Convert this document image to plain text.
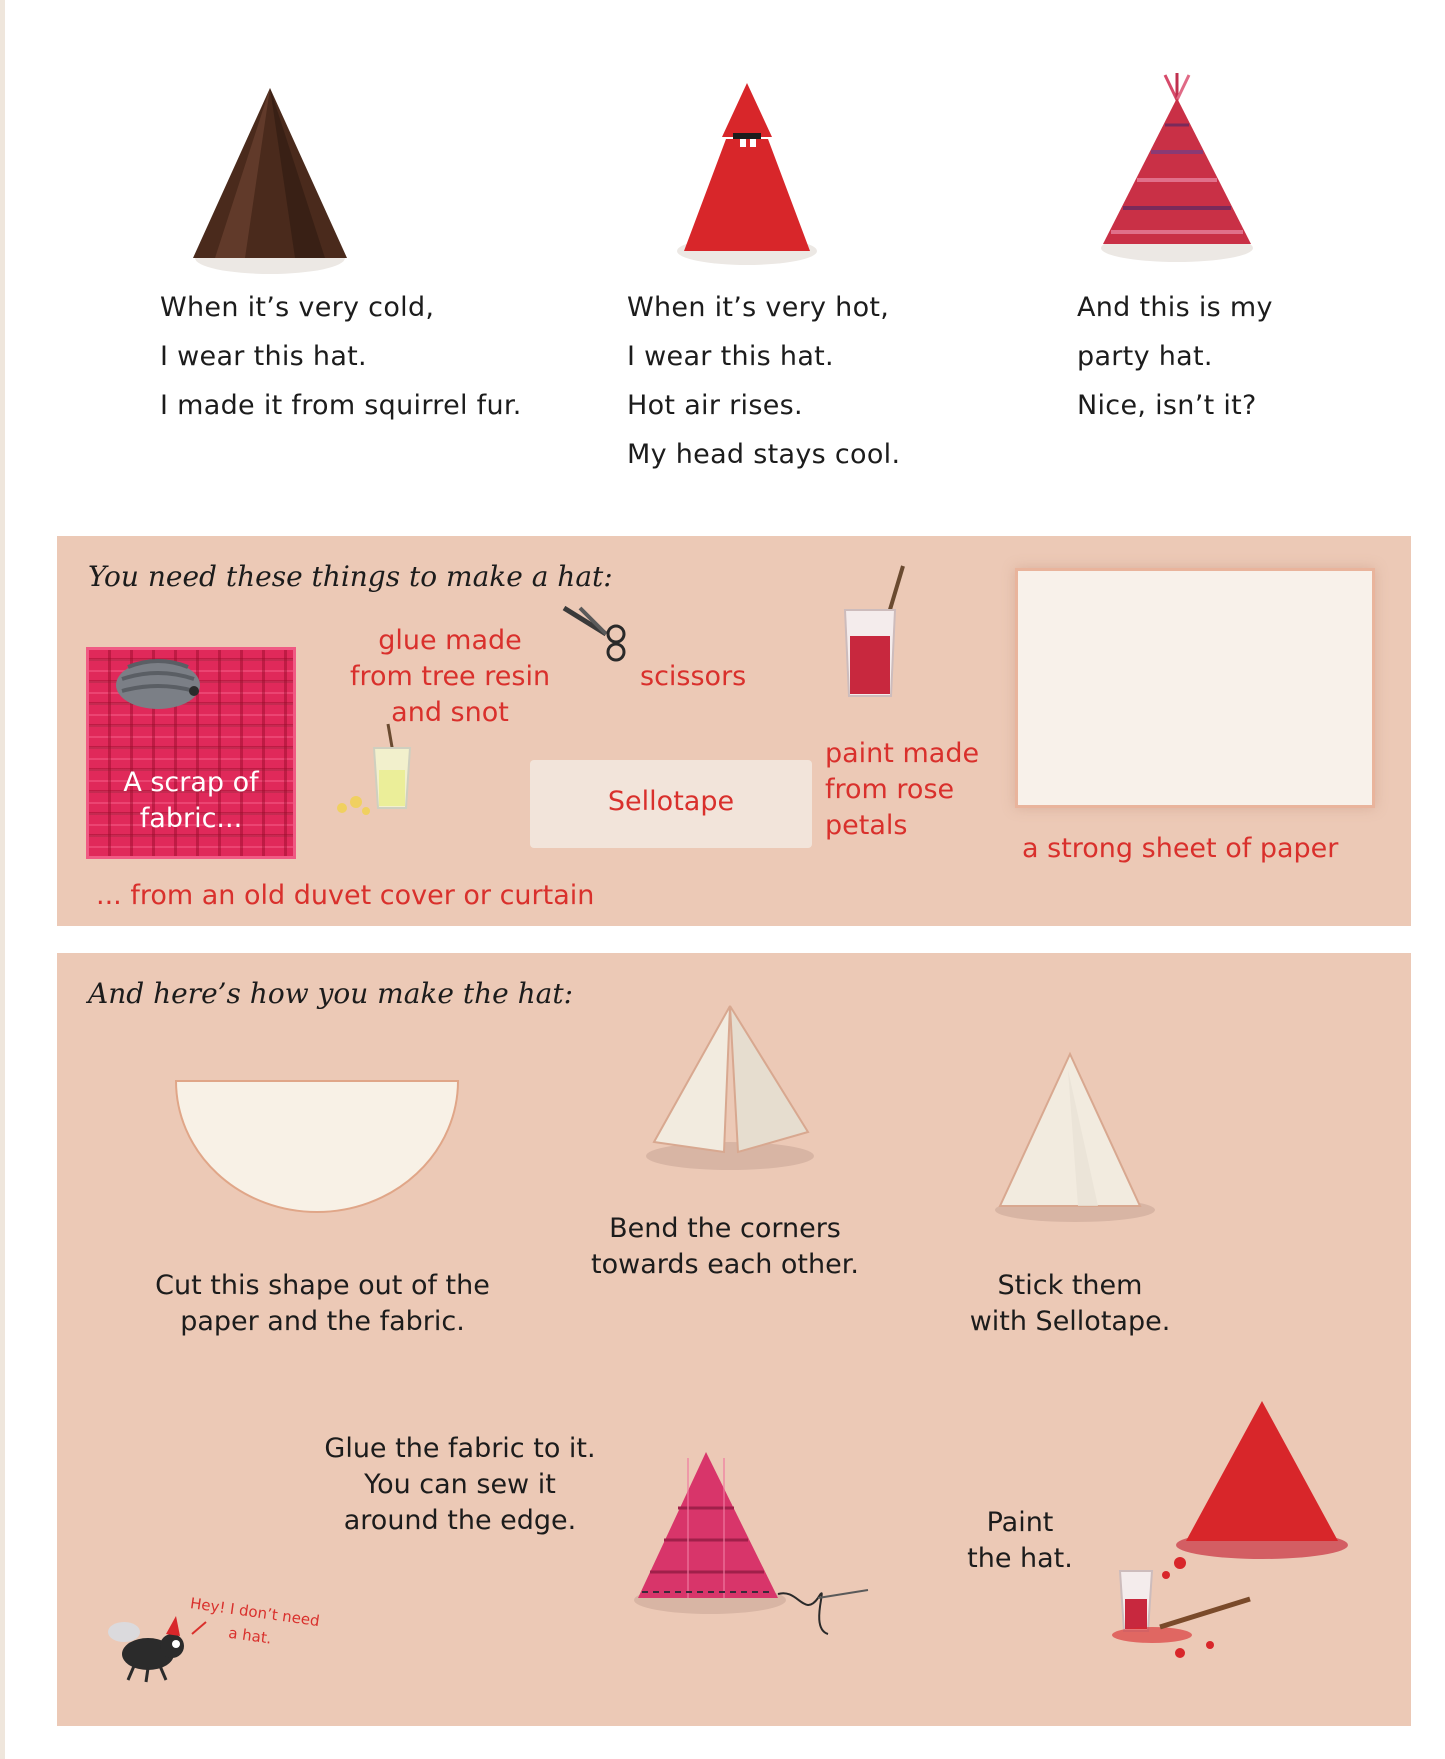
When it’s very cold,
I wear this hat.
I made it from squirrel fur.
When it’s very hot,
I wear this hat.
Hot air rises.
My head stays cool.
And this is my
party hat.
Nice, isn’t it?
You need these things to make a hat:
A scrap of
fabric...
... from an old duvet cover or curtain
glue made
from tree resin
and snot
scissors
Sellotape
paint made
from rose
petals
a strong sheet of paper
And here’s how you make the hat:
Cut this shape out of the
paper and the fabric.
Bend the corners
towards each other.
Stick them
with Sellotape.
Glue the fabric to it.
You can sew it
around the edge.	Paint
the hat.
Hey! I don’t need
a hat.
